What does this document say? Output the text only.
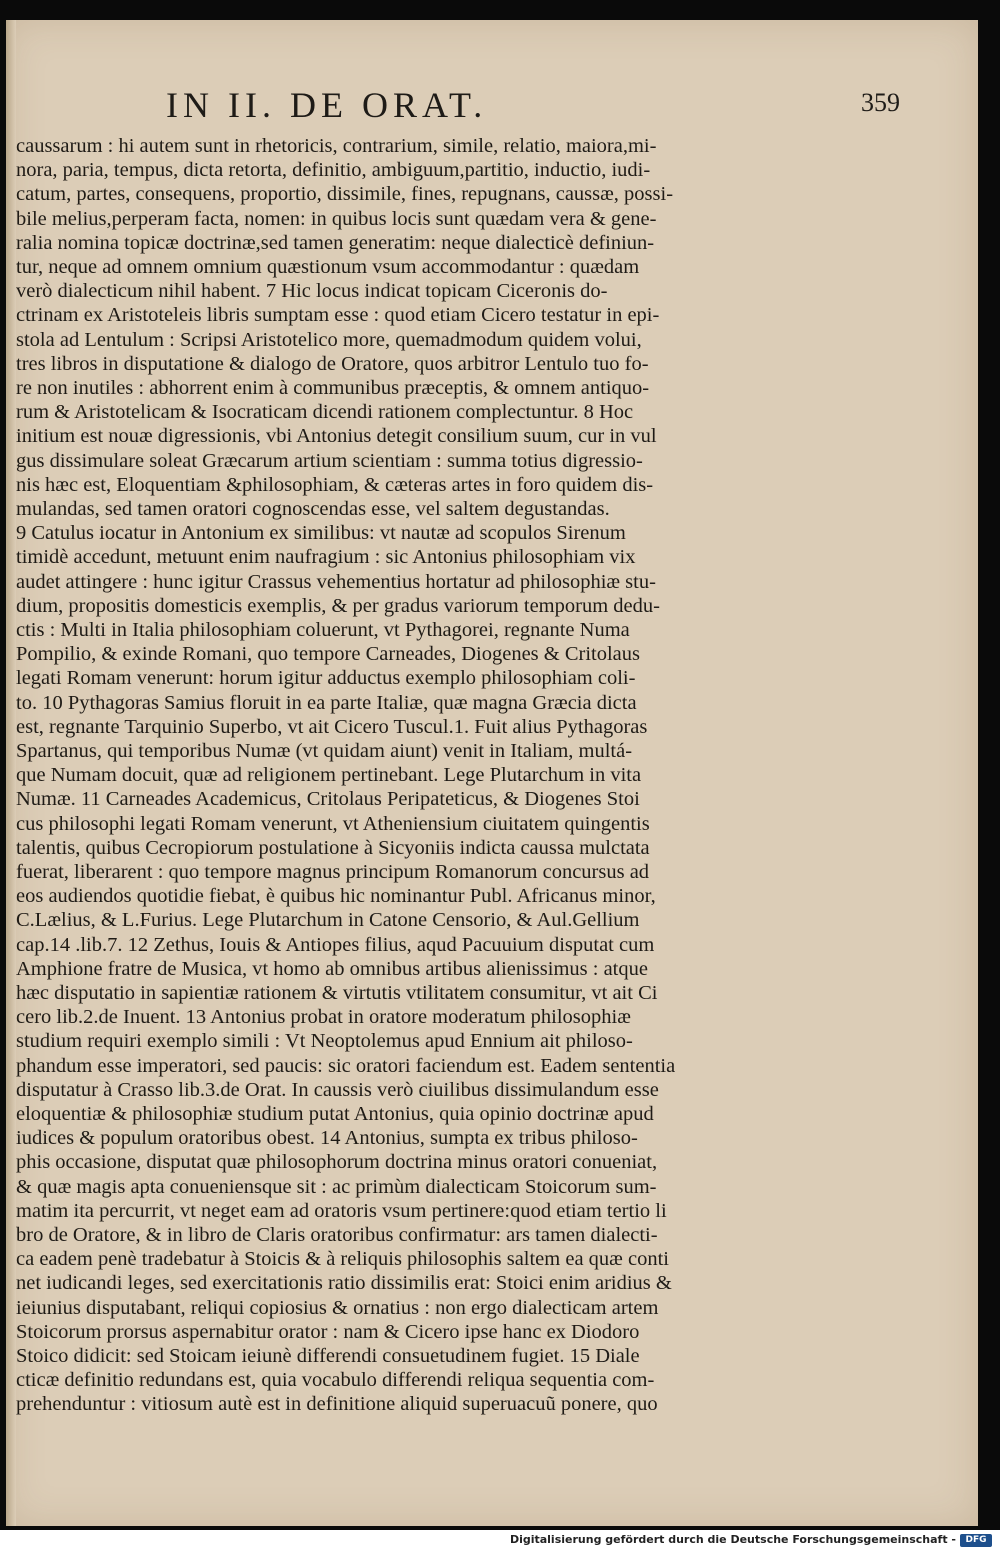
IN II. DE ORAT.	359
caussarum : hi autem sunt in rhetoricis, contrarium, simile, relatio, maiora,mi-
nora, paria, tempus, dicta retorta, definitio, ambiguum,partitio, inductio, iudi-
catum, partes, consequens, proportio, dissimile, fines, repugnans, caussæ, possi-
bile melius,perperam facta, nomen: in quibus locis sunt quædam vera & gene-
ralia nomina topicæ doctrinæ,sed tamen generatim: neque dialecticè definiun-
tur, neque ad omnem omnium quæstionum vsum accommodantur : quædam
verò dialecticum nihil habent. 7 Hic locus indicat topicam Ciceronis do-
ctrinam ex Aristoteleis libris sumptam esse : quod etiam Cicero testatur in epi-
stola ad Lentulum : Scripsi Aristotelico more, quemadmodum quidem volui,
tres libros in disputatione & dialogo de Oratore, quos arbitror Lentulo tuo fo-
re non inutiles : abhorrent enim à communibus præceptis, & omnem antiquo-
rum & Aristotelicam & Isocraticam dicendi rationem complectuntur. 8 Hoc
initium est nouæ digressionis, vbi Antonius detegit consilium suum, cur in vul
gus dissimulare soleat Græcarum artium scientiam : summa totius digressio-
nis hæc est, Eloquentiam &philosophiam, & cæteras artes in foro quidem dis-
mulandas, sed tamen oratori cognoscendas esse, vel saltem degustandas.
9 Catulus iocatur in Antonium ex similibus: vt nautæ ad scopulos Sirenum
timidè accedunt, metuunt enim naufragium : sic Antonius philosophiam vix
audet attingere : hunc igitur Crassus vehementius hortatur ad philosophiæ stu-
dium, propositis domesticis exemplis, & per gradus variorum temporum dedu-
ctis : Multi in Italia philosophiam coluerunt, vt Pythagorei, regnante Numa
Pompilio, & exinde Romani, quo tempore Carneades, Diogenes & Critolaus
legati Romam venerunt: horum igitur adductus exemplo philosophiam coli-
to. 10 Pythagoras Samius floruit in ea parte Italiæ, quæ magna Græcia dicta
est, regnante Tarquinio Superbo, vt ait Cicero Tuscul.1. Fuit alius Pythagoras
Spartanus, qui temporibus Numæ (vt quidam aiunt) venit in Italiam, multá-
que Numam docuit, quæ ad religionem pertinebant. Lege Plutarchum in vita
Numæ. 11 Carneades Academicus, Critolaus Peripateticus, & Diogenes Stoi
cus philosophi legati Romam venerunt, vt Atheniensium ciuitatem quingentis
talentis, quibus Cecropiorum postulatione à Sicyoniis indicta caussa mulctata
fuerat, liberarent : quo tempore magnus principum Romanorum concursus ad
eos audiendos quotidie fiebat, è quibus hic nominantur Publ. Africanus minor,
C.Lælius, & L.Furius. Lege Plutarchum in Catone Censorio, & Aul.Gellium
cap.14 .lib.7. 12 Zethus, Iouis & Antiopes filius, aqud Pacuuium disputat cum
Amphione fratre de Musica, vt homo ab omnibus artibus alienissimus : atque
hæc disputatio in sapientiæ rationem & virtutis vtilitatem consumitur, vt ait Ci
cero lib.2.de Inuent. 13 Antonius probat in oratore moderatum philosophiæ
studium requiri exemplo simili : Vt Neoptolemus apud Ennium ait philoso-
phandum esse imperatori, sed paucis: sic oratori faciendum est. Eadem sententia
disputatur à Crasso lib.3.de Orat. In caussis verò ciuilibus dissimulandum esse
eloquentiæ & philosophiæ studium putat Antonius, quia opinio doctrinæ apud
iudices & populum oratoribus obest. 14 Antonius, sumpta ex tribus philoso-
phis occasione, disputat quæ philosophorum doctrina minus oratori conueniat,
& quæ magis apta conueniensque sit : ac primùm dialecticam Stoicorum sum-
matim ita percurrit, vt neget eam ad oratoris vsum pertinere:quod etiam tertio li
bro de Oratore, & in libro de Claris oratoribus confirmatur: ars tamen dialecti-
ca eadem penè tradebatur à Stoicis & à reliquis philosophis saltem ea quæ conti
net iudicandi leges, sed exercitationis ratio dissimilis erat: Stoici enim aridius &
ieiunius disputabant, reliqui copiosius & ornatius : non ergo dialecticam artem
Stoicorum prorsus aspernabitur orator : nam & Cicero ipse hanc ex Diodoro
Stoico didicit: sed Stoicam ieiunè differendi consuetudinem fugiet. 15 Diale
cticæ definitio redundans est, quia vocabulo differendi reliqua sequentia com-
prehenduntur : vitiosum autè est in definitione aliquid superuacuũ ponere, quo
Digitalisierung gefördert durch die Deutsche Forschungsgemeinschaft -	DFG
